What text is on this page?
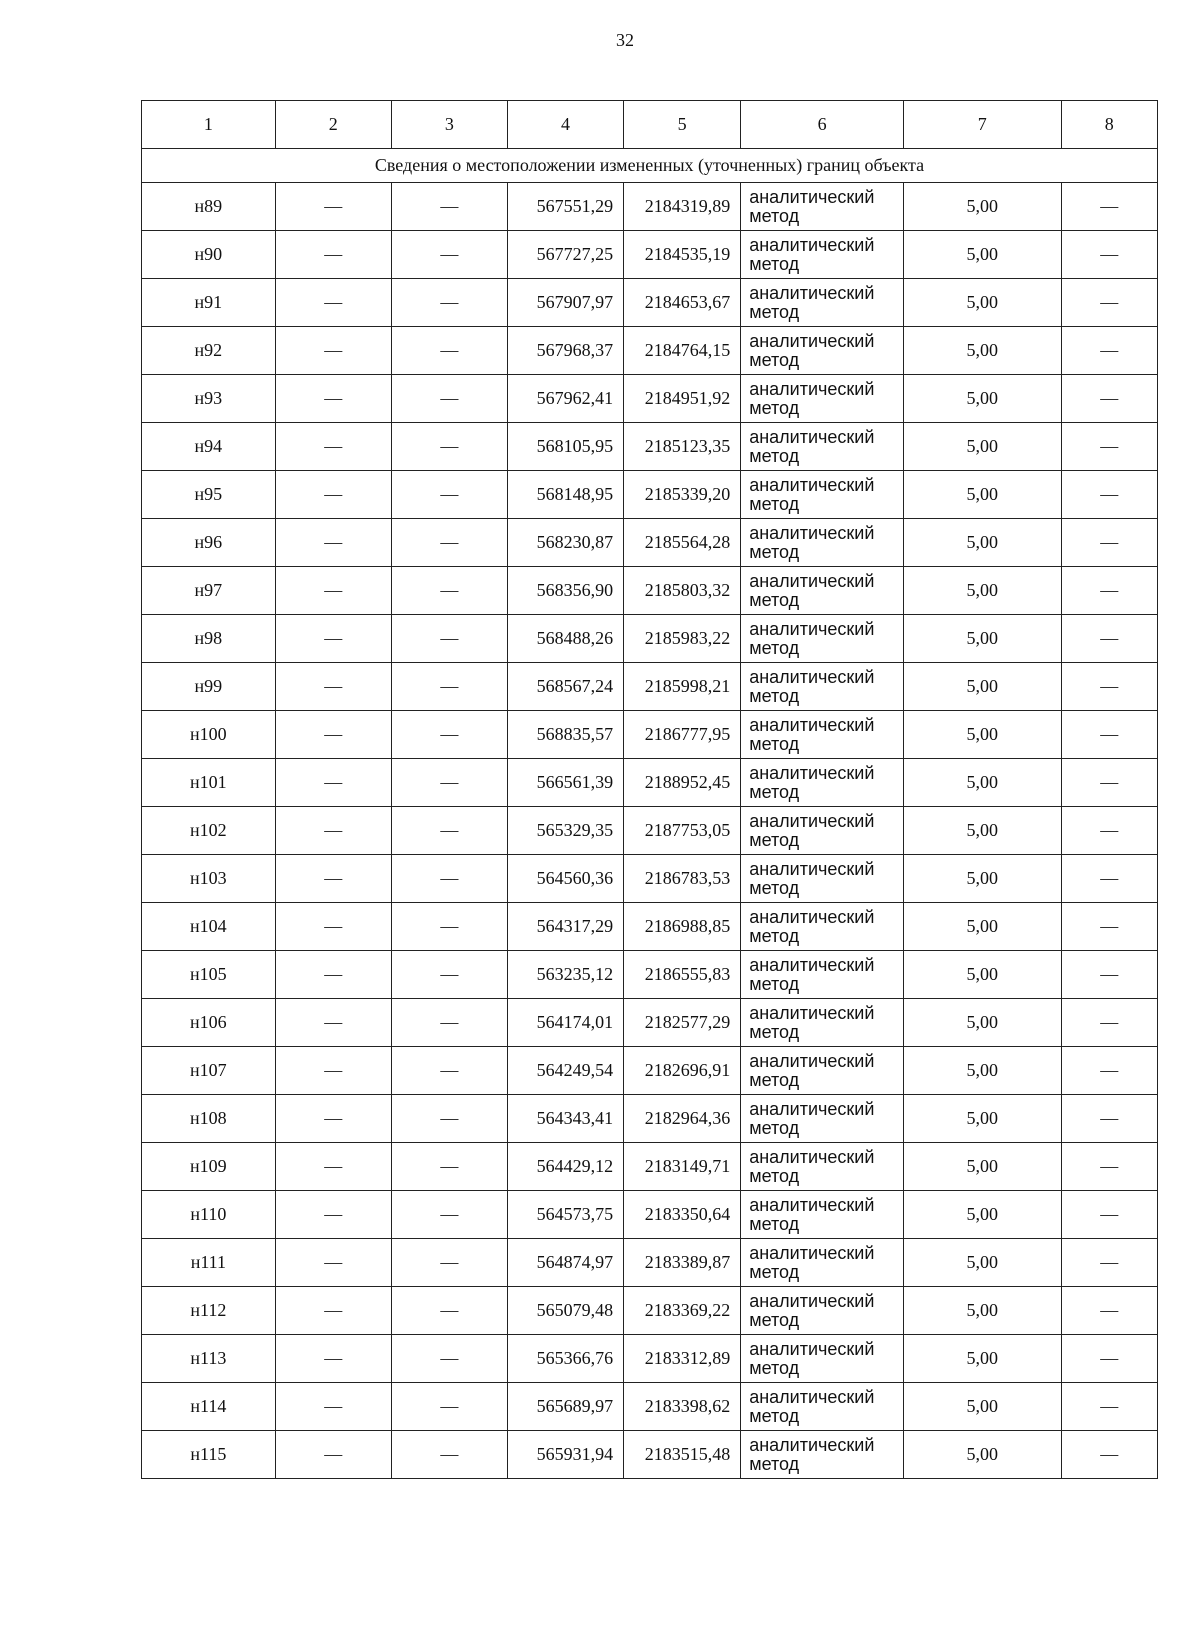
32
1	2	3	4	5	6	7	8
Сведения о местоположении измененных (уточненных) границ объекта							
н89	—	—	567551,29	2184319,89	аналитический
метод	5,00	—
н90	—	—	567727,25	2184535,19	аналитический
метод	5,00	—
н91	—	—	567907,97	2184653,67	аналитический
метод	5,00	—
н92	—	—	567968,37	2184764,15	аналитический
метод	5,00	—
н93	—	—	567962,41	2184951,92	аналитический
метод	5,00	—
н94	—	—	568105,95	2185123,35	аналитический
метод	5,00	—
н95	—	—	568148,95	2185339,20	аналитический
метод	5,00	—
н96	—	—	568230,87	2185564,28	аналитический
метод	5,00	—
н97	—	—	568356,90	2185803,32	аналитический
метод	5,00	—
н98	—	—	568488,26	2185983,22	аналитический
метод	5,00	—
н99	—	—	568567,24	2185998,21	аналитический
метод	5,00	—
н100	—	—	568835,57	2186777,95	аналитический
метод	5,00	—
н101	—	—	566561,39	2188952,45	аналитический
метод	5,00	—
н102	—	—	565329,35	2187753,05	аналитический
метод	5,00	—
н103	—	—	564560,36	2186783,53	аналитический
метод	5,00	—
н104	—	—	564317,29	2186988,85	аналитический
метод	5,00	—
н105	—	—	563235,12	2186555,83	аналитический
метод	5,00	—
н106	—	—	564174,01	2182577,29	аналитический
метод	5,00	—
н107	—	—	564249,54	2182696,91	аналитический
метод	5,00	—
н108	—	—	564343,41	2182964,36	аналитический
метод	5,00	—
н109	—	—	564429,12	2183149,71	аналитический
метод	5,00	—
н110	—	—	564573,75	2183350,64	аналитический
метод	5,00	—
н111	—	—	564874,97	2183389,87	аналитический
метод	5,00	—
н112	—	—	565079,48	2183369,22	аналитический
метод	5,00	—
н113	—	—	565366,76	2183312,89	аналитический
метод	5,00	—
н114	—	—	565689,97	2183398,62	аналитический
метод	5,00	—
н115	—	—	565931,94	2183515,48	аналитический
метод	5,00	—
